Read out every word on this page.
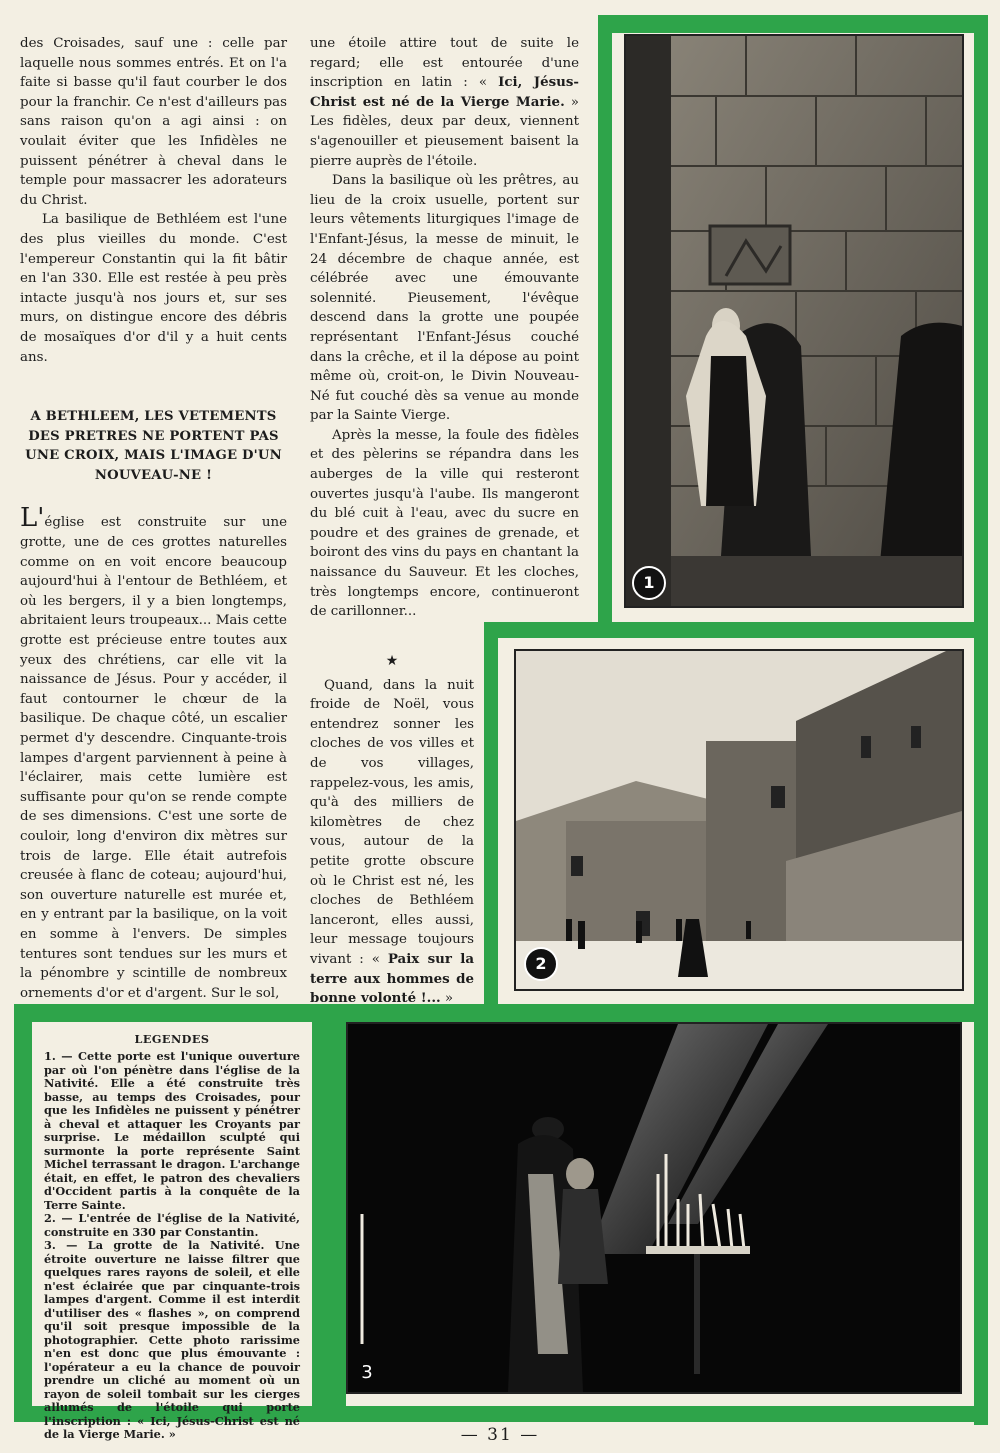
des Croisades, sauf une : celle par laquelle nous sommes entrés. Et on l'a faite si basse qu'il faut courber le dos pour la franchir. Ce n'est d'ailleurs pas sans raison qu'on a agi ainsi : on voulait éviter que les Infidèles ne puissent pénétrer à cheval dans le temple pour massacrer les adorateurs du Christ.

La basilique de Bethléem est l'une des plus vieilles du monde. C'est l'empereur Constantin qui la fit bâtir en l'an 330. Elle est restée à peu près intacte jusqu'à nos jours et, sur ses murs, on distingue encore des débris de mosaïques d'or d'il y a huit cents ans.

A BETHLEEM, LES VETEMENTS DES PRETRES NE PORTENT PAS UNE CROIX, MAIS L'IMAGE D'UN NOUVEAU-NE !

L'église est construite sur une grotte, une de ces grottes naturelles comme on en voit encore beaucoup aujourd'hui à l'entour de Bethléem, et où les bergers, il y a bien longtemps, abritaient leurs troupeaux... Mais cette grotte est précieuse entre toutes aux yeux des chrétiens, car elle vit la naissance de Jésus. Pour y accéder, il faut contourner le chœur de la basilique. De chaque côté, un escalier permet d'y descendre. Cinquante-trois lampes d'argent parviennent à peine à l'éclairer, mais cette lumière est suffisante pour qu'on se rende compte de ses dimensions. C'est une sorte de couloir, long d'environ dix mètres sur trois de large. Elle était autrefois creusée à flanc de coteau; aujourd'hui, son ouverture naturelle est murée et, en y entrant par la basilique, on la voit en somme à l'envers. De simples tentures sont tendues sur les murs et la pénombre y scintille de nombreux ornements d'or et d'argent. Sur le sol,

une étoile attire tout de suite le regard; elle est entourée d'une inscription en latin : « Ici, Jésus-Christ est né de la Vierge Marie. » Les fidèles, deux par deux, viennent s'agenouiller et pieusement baisent la pierre auprès de l'étoile.

Dans la basilique où les prêtres, au lieu de la croix usuelle, portent sur leurs vêtements liturgiques l'image de l'Enfant-Jésus, la messe de minuit, le 24 décembre de chaque année, est célébrée avec une émouvante solennité. Pieusement, l'évêque descend dans la grotte une poupée représentant l'Enfant-Jésus couché dans la crêche, et il la dépose au point même où, croit-on, le Divin Nouveau-Né fut couché dès sa venue au monde par la Sainte Vierge.

Après la messe, la foule des fidèles et des pèlerins se répandra dans les auberges de la ville qui resteront ouvertes jusqu'à l'aube. Ils mangeront du blé cuit à l'eau, avec du sucre en poudre et des graines de grenade, et boiront des vins du pays en chantant la naissance du Sauveur. Et les cloches, très longtemps encore, continueront de carillonner...

★

Quand, dans la nuit froide de Noël, vous entendrez sonner les cloches de vos villes et de vos villages, rappelez-vous, les amis, qu'à des milliers de kilomètres de chez vous, autour de la petite grotte obscure où le Christ est né, les cloches de Bethléem lanceront, elles aussi, leur message toujours vivant : « Paix sur la terre aux hommes de bonne volonté !... »

1
2
LEGENDES
1. — Cette porte est l'unique ouverture par où l'on pénètre dans l'église de la Nativité. Elle a été construite très basse, au temps des Croisades, pour que les Infidèles ne puissent y pénétrer à cheval et attaquer les Croyants par surprise. Le médaillon sculpté qui surmonte la porte représente Saint Michel terrassant le dragon. L'archange était, en effet, le patron des chevaliers d'Occident partis à la conquête de la Terre Sainte.
2. — L'entrée de l'église de la Nativité, construite en 330 par Constantin.
3. — La grotte de la Nativité. Une étroite ouverture ne laisse filtrer que quelques rares rayons de soleil, et elle n'est éclairée que par cinquante-trois lampes d'argent. Comme il est interdit d'utiliser des « flashes », on comprend qu'il soit presque impossible de la photographier. Cette photo rarissime n'en est donc que plus émouvante : l'opérateur a eu la chance de pouvoir prendre un cliché au moment où un rayon de soleil tombait sur les cierges allumés de l'étoile qui porte l'inscription : « Ici, Jésus-Christ est né de la Vierge Marie. »
3
— 31 —
